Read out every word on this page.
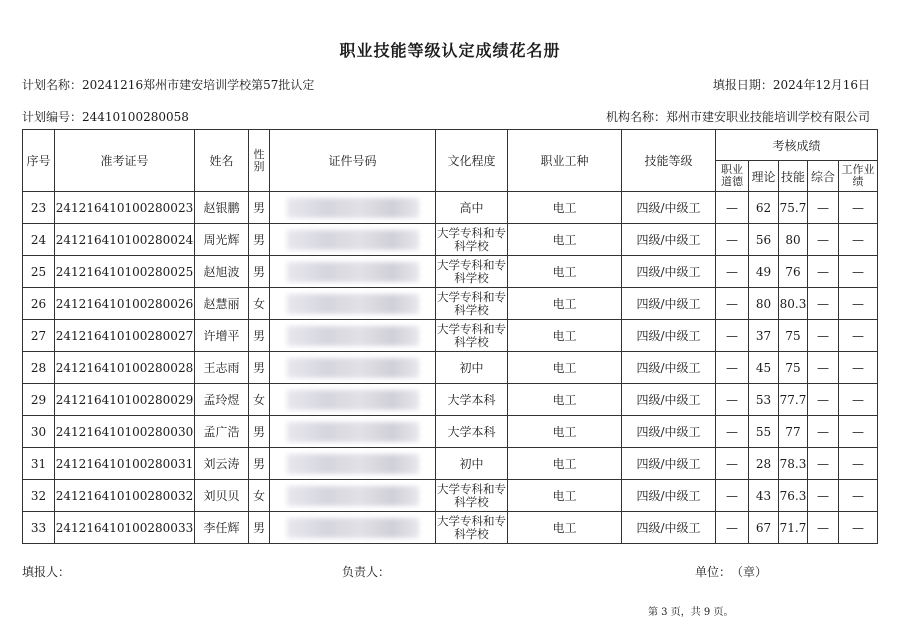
职业技能等级认定成绩花名册
计划名称：20241216郑州市建安培训学校第57批认定	填报日期：2024年12月16日
计划编号：24410100280058	机构名称：郑州市建安职业技能培训学校有限公司
序号	准考证号	姓名	性别	证件号码	文化程度	职业工种	技能等级	考核成绩				
								职业道德	理论	技能	综合	工作业绩
23	241216410100280023	赵银鹏	男		高中	电工	四级/中级工	—	62	75.7	—	—
24	241216410100280024	周光辉	男		大学专科和专科学校	电工	四级/中级工	—	56	80	—	—
25	241216410100280025	赵旭波	男		大学专科和专科学校	电工	四级/中级工	—	49	76	—	—
26	241216410100280026	赵慧丽	女		大学专科和专科学校	电工	四级/中级工	—	80	80.3	—	—
27	241216410100280027	许增平	男		大学专科和专科学校	电工	四级/中级工	—	37	75	—	—
28	241216410100280028	王志雨	男		初中	电工	四级/中级工	—	45	75	—	—
29	241216410100280029	孟玲煜	女		大学本科	电工	四级/中级工	—	53	77.7	—	—
30	241216410100280030	孟广浩	男		大学本科	电工	四级/中级工	—	55	77	—	—
31	241216410100280031	刘云涛	男		初中	电工	四级/中级工	—	28	78.3	—	—
32	241216410100280032	刘贝贝	女		大学专科和专科学校	电工	四级/中级工	—	43	76.3	—	—
33	241216410100280033	李任辉	男		大学专科和专科学校	电工	四级/中级工	—	67	71.7	—	—
填报人：	负责人：	单位：　（章）
第 3 页，共 9 页。
